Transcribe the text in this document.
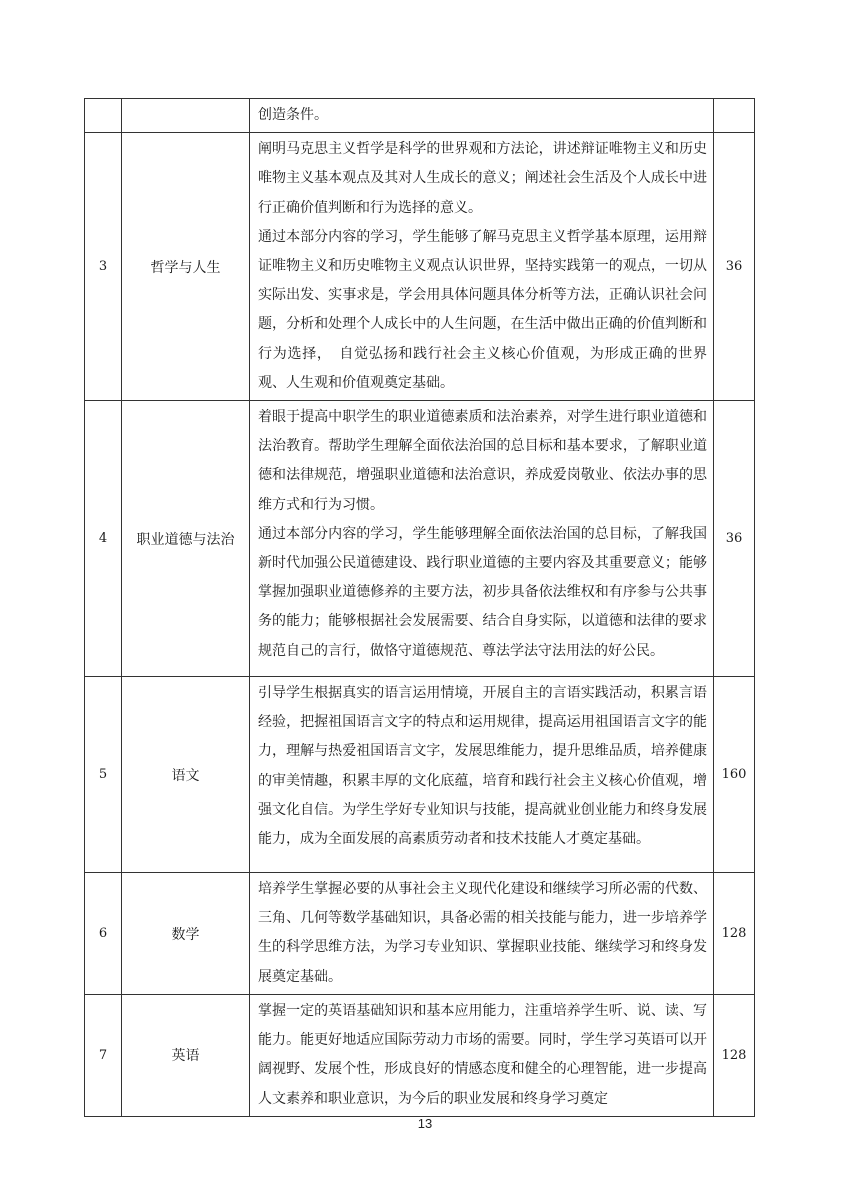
		创造条件。	

3	哲学与人生	阐明马克思主义哲学是科学的世界观和方法论，讲述辩证唯物主义和历史唯物主义基本观点及其对人生成长的意义；阐述社会生活及个人成长中进行正确价值判断和行为选择的意义。

通过本部分内容的学习，学生能够了解马克思主义哲学基本原理，运用辩证唯物主义和历史唯物主义观点认识世界，坚持实践第一的观点，一切从实际出发、实事求是，学会用具体问题具体分析等方法，正确认识社会问题，分析和处理个人成长中的人生问题，在生活中做出正确的价值判断和行为选择，　自觉弘扬和践行社会主义核心价值观，为形成正确的世界观、人生观和价值观奠定基础。	36
4	职业道德与法治	着眼于提高中职学生的职业道德素质和法治素养，对学生进行职业道德和法治教育。帮助学生理解全面依法治国的总目标和基本要求，了解职业道德和法律规范，增强职业道德和法治意识，养成爱岗敬业、依法办事的思维方式和行为习惯。

通过本部分内容的学习，学生能够理解全面依法治国的总目标，了解我国新时代加强公民道德建设、践行职业道德的主要内容及其重要意义；能够掌握加强职业道德修养的主要方法，初步具备依法维权和有序参与公共事务的能力；能够根据社会发展需要、结合自身实际，以道德和法律的要求规范自己的言行，做恪守道德规范、尊法学法守法用法的好公民。	36
5	语文	引导学生根据真实的语言运用情境，开展自主的言语实践活动，积累言语经验，把握祖国语言文字的特点和运用规律，提高运用祖国语言文字的能力，理解与热爱祖国语言文字，发展思维能力，提升思维品质，培养健康的审美情趣，积累丰厚的文化底蕴，培育和践行社会主义核心价值观，增强文化自信。为学生学好专业知识与技能，提高就业创业能力和终身发展能力，成为全面发展的高素质劳动者和技术技能人才奠定基础。	160
6	数学	培养学生掌握必要的从事社会主义现代化建设和继续学习所必需的代数、三角、几何等数学基础知识，具备必需的相关技能与能力，进一步培养学生的科学思维方法，为学习专业知识、掌握职业技能、继续学习和终身发展奠定基础。	128
7	英语	掌握一定的英语基础知识和基本应用能力，注重培养学生听、说、读、写能力。能更好地适应国际劳动力市场的需要。同时，学生学习英语可以开阔视野、发展个性，形成良好的情感态度和健全的心理智能，进一步提高人文素养和职业意识，为今后的职业发展和终身学习奠定	128
13
